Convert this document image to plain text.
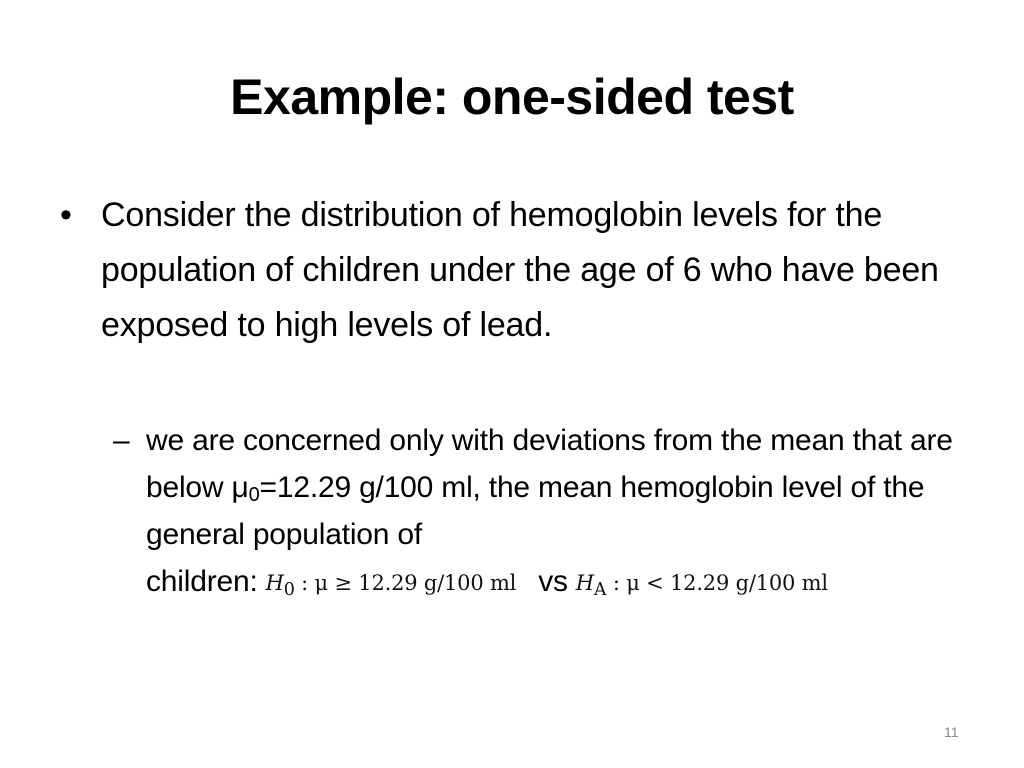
Example: one-sided test
• Consider the distribution of hemoglobin levels for the population of children under the age of 6 who have been exposed to high levels of lead.
– we are concerned only with deviations from the mean that are below $\mu_0=12.29$ g/100 ml, the mean hemoglobin level of the general population of children: $H_0$ : μ ≥ 12.29 g/100 ml vs $H_A$ : μ < 12.29 g/100 ml
11
